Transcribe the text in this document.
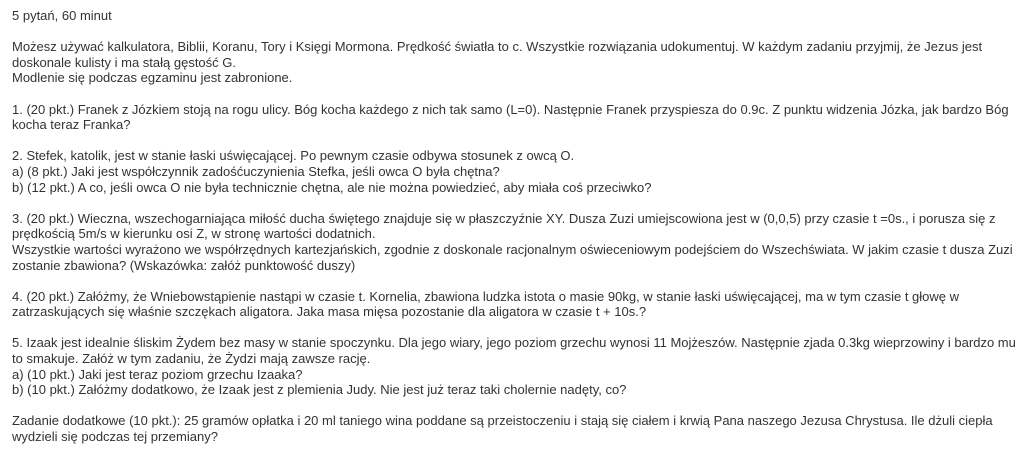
5 pytań, 60 minut
Możesz używać kalkulatora, Biblii, Koranu, Tory i Księgi Mormona. Prędkość światła to c. Wszystkie rozwiązania udokumentuj. W każdym zadaniu przyjmij, że Jezus jest
doskonale kulisty i ma stałą gęstość G.
Modlenie się podczas egzaminu jest zabronione.
1. (20 pkt.) Franek z Józkiem stoją na rogu ulicy. Bóg kocha każdego z nich tak samo (L=0). Następnie Franek przyspiesza do 0.9c. Z punktu widzenia Józka, jak bardzo Bóg
kocha teraz Franka?
2. Stefek, katolik, jest w stanie łaski uświęcającej. Po pewnym czasie odbywa stosunek z owcą O.
a) (8 pkt.) Jaki jest współczynnik zadośćuczynienia Stefka, jeśli owca O była chętna?
b) (12 pkt.) A co, jeśli owca O nie była technicznie chętna, ale nie można powiedzieć, aby miała coś przeciwko?
3. (20 pkt.) Wieczna, wszechogarniająca miłość ducha świętego znajduje się w płaszczyźnie XY. Dusza Zuzi umiejscowiona jest w (0,0,5) przy czasie t =0s., i porusza się z
prędkością 5m/s w kierunku osi Z, w stronę wartości dodatnich.
Wszystkie wartości wyrażono we współrzędnych kartezjańskich, zgodnie z doskonale racjonalnym oświeceniowym podejściem do Wszechświata. W jakim czasie t dusza Zuzi
zostanie zbawiona? (Wskazówka: załóż punktowość duszy)
4. (20 pkt.) Załóżmy, że Wniebowstąpienie nastąpi w czasie t. Kornelia, zbawiona ludzka istota o masie 90kg, w stanie łaski uświęcającej, ma w tym czasie t głowę w
zatrzaskujących się właśnie szczękach aligatora. Jaka masa mięsa pozostanie dla aligatora w czasie t + 10s.?
5. Izaak jest idealnie śliskim Żydem bez masy w stanie spoczynku. Dla jego wiary, jego poziom grzechu wynosi 11 Mojżeszów. Następnie zjada 0.3kg wieprzowiny i bardzo mu
to smakuje. Załóż w tym zadaniu, że Żydzi mają zawsze rację.
a) (10 pkt.) Jaki jest teraz poziom grzechu Izaaka?
b) (10 pkt.) Załóżmy dodatkowo, że Izaak jest z plemienia Judy. Nie jest już teraz taki cholernie nadęty, co?
Zadanie dodatkowe (10 pkt.): 25 gramów opłatka i 20 ml taniego wina poddane są przeistoczeniu i stają się ciałem i krwią Pana naszego Jezusa Chrystusa. Ile dżuli ciepła
wydzieli się podczas tej przemiany?
